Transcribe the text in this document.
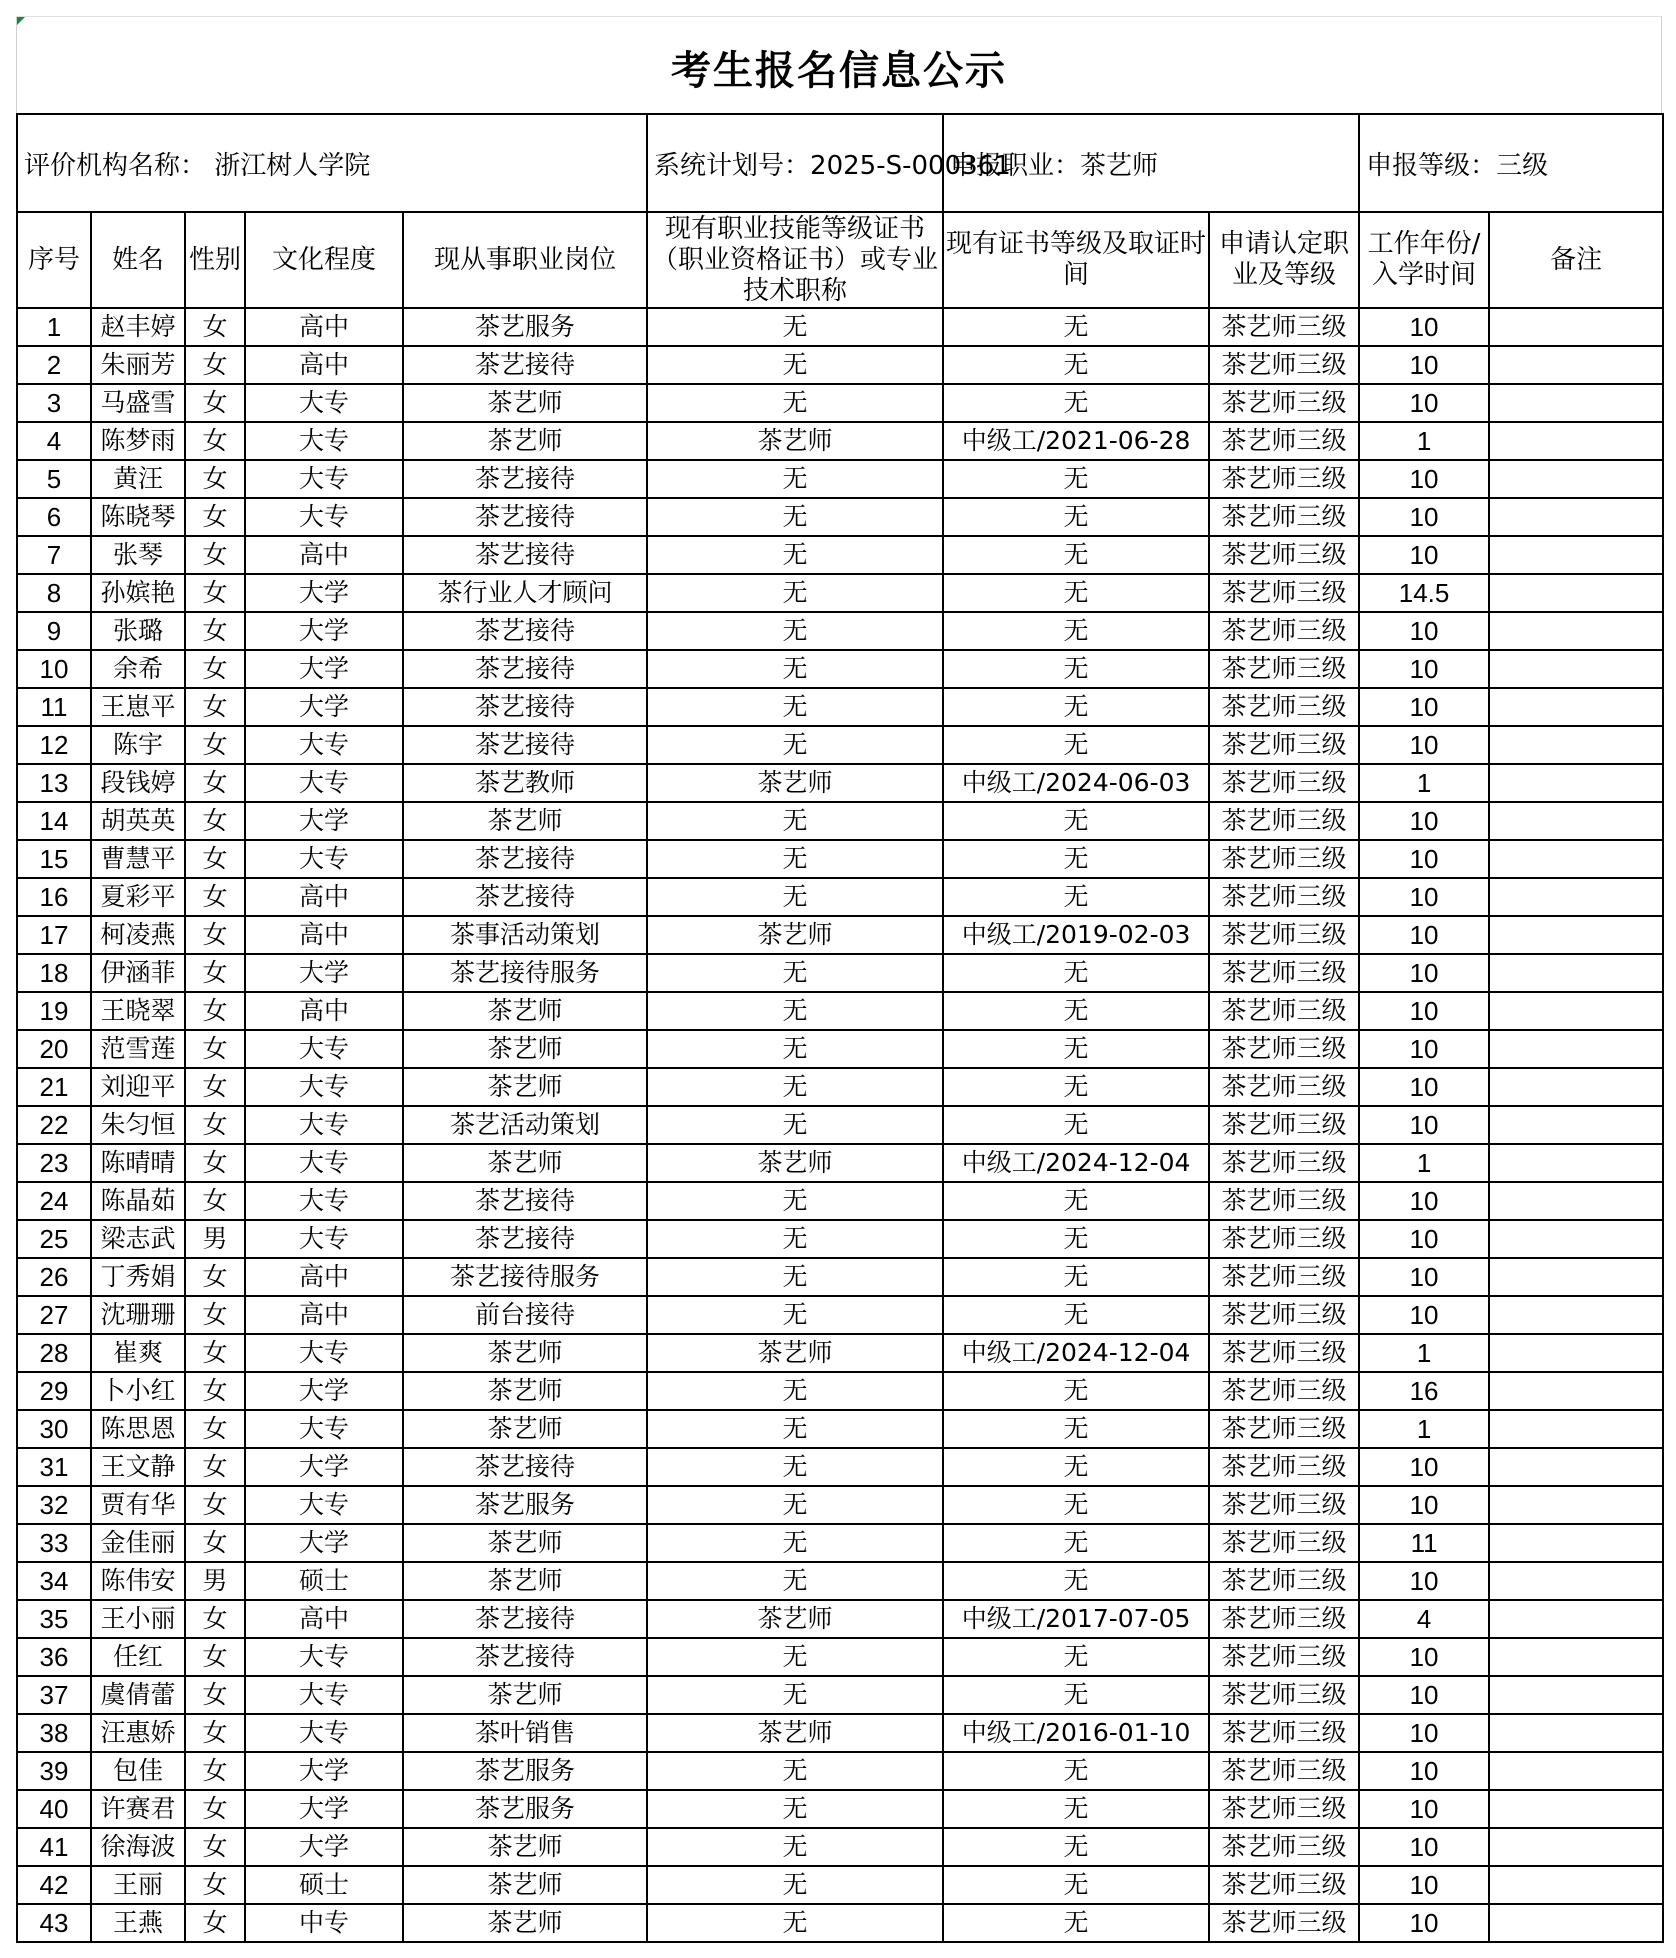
考生报名信息公示
评价机构名称： 浙江树人学院					系统计划号：2025-S-000361	申报职业：茶艺师		申报等级：三级	
序号	姓名	性别	文化程度	现从事职业岗位	现有职业技能等级证书（职业资格证书）或专业技术职称	现有证书等级及取证时间	申请认定职业及等级	工作年份/入学时间	备注
1	赵丰婷	女	高中	茶艺服务	无	无	茶艺师三级	10	
2	朱丽芳	女	高中	茶艺接待	无	无	茶艺师三级	10	
3	马盛雪	女	大专	茶艺师	无	无	茶艺师三级	10	
4	陈梦雨	女	大专	茶艺师	茶艺师	中级工/2021-06-28	茶艺师三级	1	
5	黄汪	女	大专	茶艺接待	无	无	茶艺师三级	10	
6	陈晓琴	女	大专	茶艺接待	无	无	茶艺师三级	10	
7	张琴	女	高中	茶艺接待	无	无	茶艺师三级	10	
8	孙嫔艳	女	大学	茶行业人才顾问	无	无	茶艺师三级	14.5	
9	张璐	女	大学	茶艺接待	无	无	茶艺师三级	10	
10	余希	女	大学	茶艺接待	无	无	茶艺师三级	10	
11	王崽平	女	大学	茶艺接待	无	无	茶艺师三级	10	
12	陈宇	女	大专	茶艺接待	无	无	茶艺师三级	10	
13	段钱婷	女	大专	茶艺教师	茶艺师	中级工/2024-06-03	茶艺师三级	1	
14	胡英英	女	大学	茶艺师	无	无	茶艺师三级	10	
15	曹慧平	女	大专	茶艺接待	无	无	茶艺师三级	10	
16	夏彩平	女	高中	茶艺接待	无	无	茶艺师三级	10	
17	柯凌燕	女	高中	茶事活动策划	茶艺师	中级工/2019-02-03	茶艺师三级	10	
18	伊涵菲	女	大学	茶艺接待服务	无	无	茶艺师三级	10	
19	王晓翠	女	高中	茶艺师	无	无	茶艺师三级	10	
20	范雪莲	女	大专	茶艺师	无	无	茶艺师三级	10	
21	刘迎平	女	大专	茶艺师	无	无	茶艺师三级	10	
22	朱匀恒	女	大专	茶艺活动策划	无	无	茶艺师三级	10	
23	陈晴晴	女	大专	茶艺师	茶艺师	中级工/2024-12-04	茶艺师三级	1	
24	陈晶茹	女	大专	茶艺接待	无	无	茶艺师三级	10	
25	梁志武	男	大专	茶艺接待	无	无	茶艺师三级	10	
26	丁秀娟	女	高中	茶艺接待服务	无	无	茶艺师三级	10	
27	沈珊珊	女	高中	前台接待	无	无	茶艺师三级	10	
28	崔爽	女	大专	茶艺师	茶艺师	中级工/2024-12-04	茶艺师三级	1	
29	卜小红	女	大学	茶艺师	无	无	茶艺师三级	16	
30	陈思恩	女	大专	茶艺师	无	无	茶艺师三级	1	
31	王文静	女	大学	茶艺接待	无	无	茶艺师三级	10	
32	贾有华	女	大专	茶艺服务	无	无	茶艺师三级	10	
33	金佳丽	女	大学	茶艺师	无	无	茶艺师三级	11	
34	陈伟安	男	硕士	茶艺师	无	无	茶艺师三级	10	
35	王小丽	女	高中	茶艺接待	茶艺师	中级工/2017-07-05	茶艺师三级	4	
36	任红	女	大专	茶艺接待	无	无	茶艺师三级	10	
37	虞倩蕾	女	大专	茶艺师	无	无	茶艺师三级	10	
38	汪惠娇	女	大专	茶叶销售	茶艺师	中级工/2016-01-10	茶艺师三级	10	
39	包佳	女	大学	茶艺服务	无	无	茶艺师三级	10	
40	许赛君	女	大学	茶艺服务	无	无	茶艺师三级	10	
41	徐海波	女	大学	茶艺师	无	无	茶艺师三级	10	
42	王丽	女	硕士	茶艺师	无	无	茶艺师三级	10	
43	王燕	女	中专	茶艺师	无	无	茶艺师三级	10	
